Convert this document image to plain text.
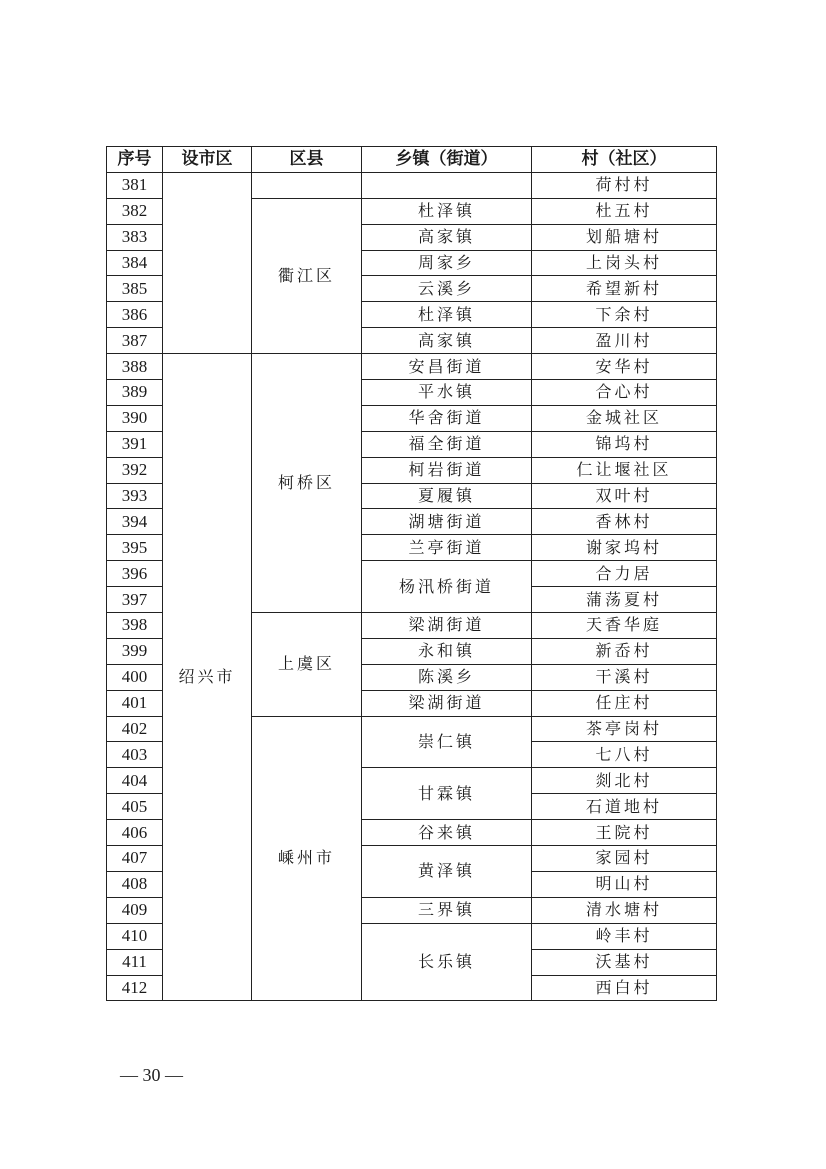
序号	设市区	区县	乡镇（街道）	村（社区）
381				荷村村
382		衢江区	杜泽镇	杜五村
383			高家镇	划船塘村
384			周家乡	上岗头村
385			云溪乡	希望新村
386			杜泽镇	下余村
387			高家镇	盈川村
388	绍兴市	柯桥区	安昌街道	安华村
389			平水镇	合心村
390			华舍街道	金城社区
391			福全街道	锦坞村
392			柯岩街道	仁让堰社区
393			夏履镇	双叶村
394			湖塘街道	香林村
395			兰亭街道	谢家坞村
396			杨汛桥街道	合力居
397				蒲荡夏村
398		上虞区	梁湖街道	天香华庭
399			永和镇	新岙村
400			陈溪乡	干溪村
401			梁湖街道	任庄村
402		嵊州市	崇仁镇	茶亭岗村
403				七八村
404			甘霖镇	剡北村
405				石道地村
406			谷来镇	王院村
407			黄泽镇	家园村
408				明山村
409			三界镇	清水塘村
410			长乐镇	岭丰村
411				沃基村
412				西白村
— 30 —
